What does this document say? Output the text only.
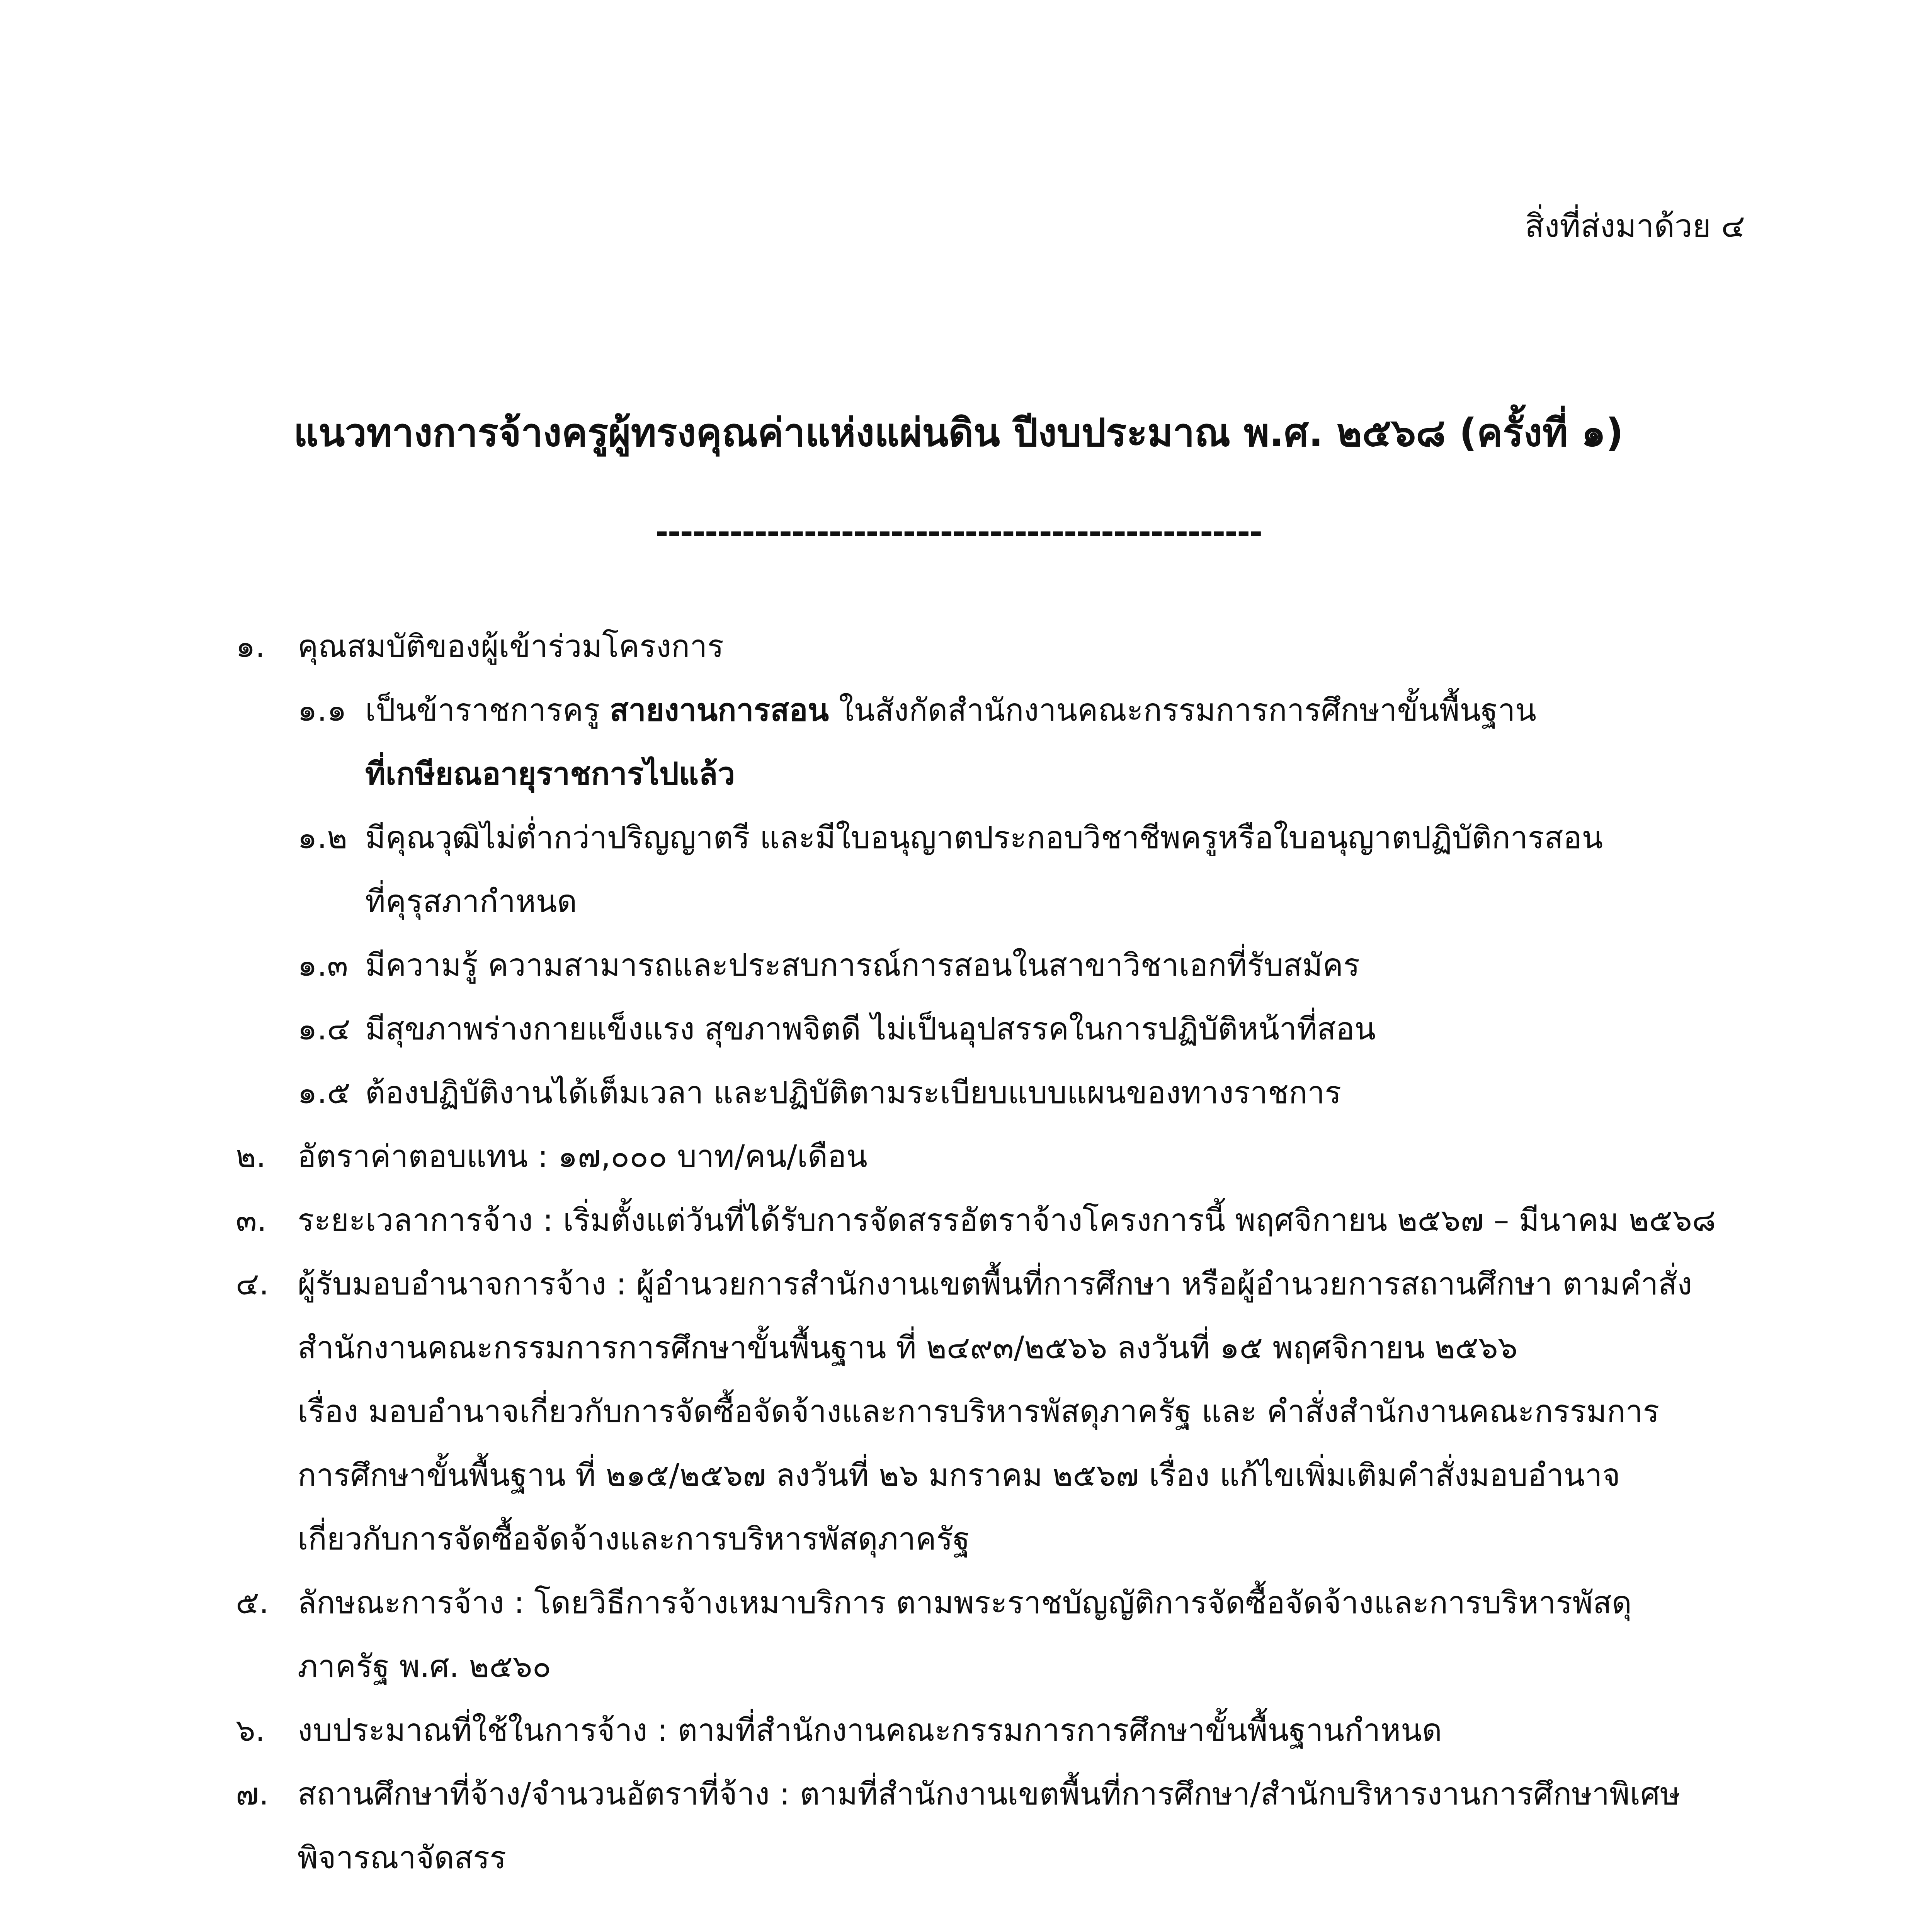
สิ่งที่ส่งมาด้วย ๔
แนวทางการจ้างครูผู้ทรงคุณค่าแห่งแผ่นดิน ปีงบประมาณ พ.ศ. ๒๕๖๘ (ครั้งที่ ๑)
-------------------------------------------------
๑.	คุณสมบัติของผู้เข้าร่วมโครงการ
๑.๑ เป็นข้าราชการครู สายงานการสอน ในสังกัดสำนักงานคณะกรรมการการศึกษาขั้นพื้นฐาน
ที่เกษียณอายุราชการไปแล้ว
๑.๒ มีคุณวุฒิไม่ต่ำกว่าปริญญาตรี และมีใบอนุญาตประกอบวิชาชีพครูหรือใบอนุญาตปฏิบัติการสอน
ที่คุรุสภากำหนด
๑.๓ มีความรู้ ความสามารถและประสบการณ์การสอนในสาขาวิชาเอกที่รับสมัคร
๑.๔ มีสุขภาพร่างกายแข็งแรง สุขภาพจิตดี ไม่เป็นอุปสรรคในการปฏิบัติหน้าที่สอน
๑.๕ ต้องปฏิบัติงานได้เต็มเวลา และปฏิบัติตามระเบียบแบบแผนของทางราชการ
๒.	อัตราค่าตอบแทน : ๑๗,๐๐๐ บาท/คน/เดือน
๓. ระยะเวลาการจ้าง : เริ่มตั้งแต่วันที่ได้รับการจัดสรรอัตราจ้างโครงการนี้ พฤศจิกายน ๒๕๖๗ – มีนาคม ๒๕๖๘
๔. ผู้รับมอบอำนาจการจ้าง : ผู้อำนวยการสำนักงานเขตพื้นที่การศึกษา หรือผู้อำนวยการสถานศึกษา ตามคำสั่ง
สำนักงานคณะกรรมการการศึกษาขั้นพื้นฐาน ที่ ๒๔๙๓/๒๕๖๖ ลงวันที่ ๑๕ พฤศจิกายน ๒๕๖๖
เรื่อง มอบอำนาจเกี่ยวกับการจัดซื้อจัดจ้างและการบริหารพัสดุภาครัฐ และ คำสั่งสำนักงานคณะกรรมการ
การศึกษาขั้นพื้นฐาน ที่ ๒๑๕/๒๕๖๗ ลงวันที่ ๒๖ มกราคม ๒๕๖๗ เรื่อง แก้ไขเพิ่มเติมคำสั่งมอบอำนาจ
เกี่ยวกับการจัดซื้อจัดจ้างและการบริหารพัสดุภาครัฐ
๕. ลักษณะการจ้าง : โดยวิธีการจ้างเหมาบริการ ตามพระราชบัญญัติการจัดซื้อจัดจ้างและการบริหารพัสดุ
ภาครัฐ พ.ศ. ๒๕๖๐
๖.	งบประมาณที่ใช้ในการจ้าง : ตามที่สำนักงานคณะกรรมการการศึกษาขั้นพื้นฐานกำหนด
๗. สถานศึกษาที่จ้าง/จำนวนอัตราที่จ้าง : ตามที่สำนักงานเขตพื้นที่การศึกษา/สำนักบริหารงานการศึกษาพิเศษ
พิจารณาจัดสรร
